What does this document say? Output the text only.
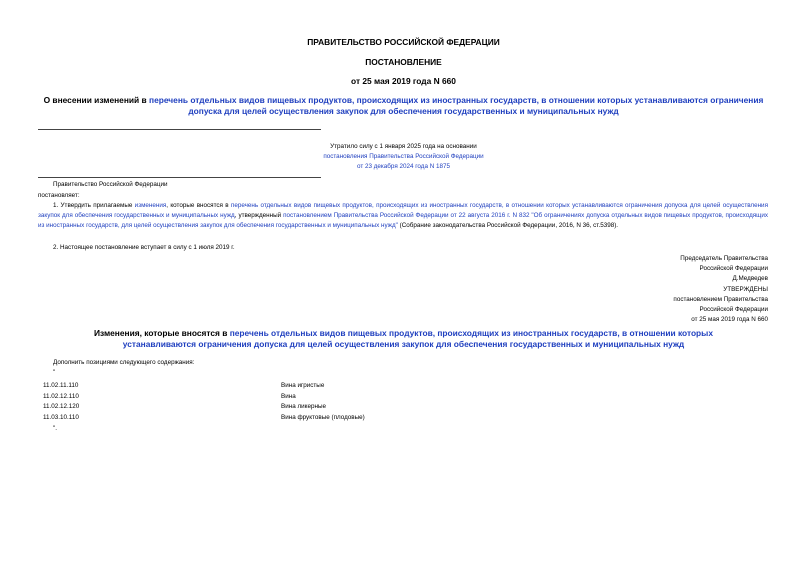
ПРАВИТЕЛЬСТВО РОССИЙСКОЙ ФЕДЕРАЦИИ
ПОСТАНОВЛЕНИЕ
от 25 мая 2019 года N 660
О внесении изменений в перечень отдельных видов пищевых продуктов, происходящих из иностранных государств, в отношении которых устанавливаются ограничения допуска для целей осуществления закупок для обеспечения государственных и муниципальных нужд
Утратило силу с 1 января 2025 года на основании
постановления Правительства Российской Федерации
от 23 декабря 2024 года N 1875
Правительство Российской Федерации
постановляет:
1. Утвердить прилагаемые изменения, которые вносятся в перечень отдельных видов пищевых продуктов, происходящих из иностранных государств, в отношении которых устанавливаются ограничения допуска для целей осуществления закупок для обеспечения государственных и муниципальных нужд, утвержденный постановлением Правительства Российской Федерации от 22 августа 2016 г. N 832 "Об ограничениях допуска отдельных видов пищевых продуктов, происходящих из иностранных государств, для целей осуществления закупок для обеспечения государственных и муниципальных нужд" (Собрание законодательства Российской Федерации, 2016, N 36, ст.5398).
2. Настоящее постановление вступает в силу с 1 июля 2019 г.
Председатель Правительства
Российской Федерации
Д.Медведев
УТВЕРЖДЕНЫ
постановлением Правительства
Российской Федерации
от 25 мая 2019 года N 660
Изменения, которые вносятся в перечень отдельных видов пищевых продуктов, происходящих из иностранных государств, в отношении которых устанавливаются ограничения допуска для целей осуществления закупок для обеспечения государственных и муниципальных нужд
Дополнить позициями следующего содержания:
"
11.02.11.110	Вина игристые
11.02.12.110	Вина
11.02.12.120	Вина ликерные
11.03.10.110	Вина фруктовые (плодовые)
".
